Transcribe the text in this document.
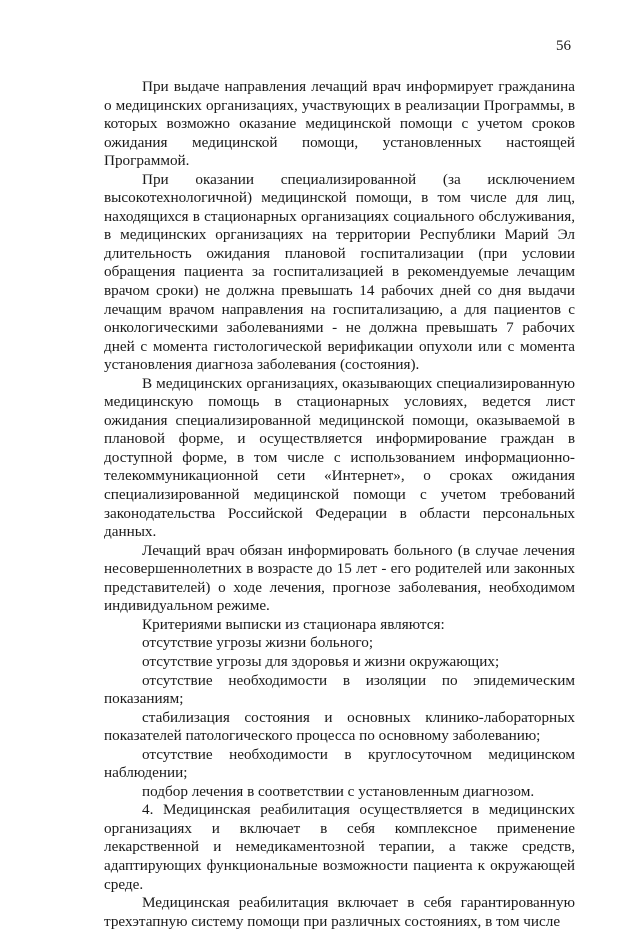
56

При выдаче направления лечащий врач информирует гражданина о медицинских организациях, участвующих в реализации Программы, в которых возможно оказание медицинской помощи с учетом сроков ожидания медицинской помощи, установленных настоящей Программой.

При оказании специализированной (за исключением высокотехнологичной) медицинской помощи, в том числе для лиц, находящихся в стационарных организациях социального обслуживания, в медицинских организациях на территории Республики Марий Эл длительность ожидания плановой госпитализации (при условии обращения пациента за госпитализацией в рекомендуемые лечащим врачом сроки) не должна превышать 14 рабочих дней со дня выдачи лечащим врачом направления на госпитализацию, а для пациентов с онкологическими заболеваниями - не должна превышать 7 рабочих дней с момента гистологической верификации опухоли или с момента установления диагноза заболевания (состояния).

В медицинских организациях, оказывающих специализированную медицинскую помощь в стационарных условиях, ведется лист ожидания специализированной медицинской помощи, оказываемой в плановой форме, и осуществляется информирование граждан в доступной форме, в том числе с использованием информационно-телекоммуникационной сети «Интернет», о сроках ожидания специализированной медицинской помощи с учетом требований законодательства Российской Федерации в области персональных данных.

Лечащий врач обязан информировать больного (в случае лечения несовершеннолетних в возрасте до 15 лет - его родителей или законных представителей) о ходе лечения, прогнозе заболевания, необходимом индивидуальном режиме.

Критериями выписки из стационара являются:

отсутствие угрозы жизни больного;

отсутствие угрозы для здоровья и жизни окружающих;

отсутствие необходимости в изоляции по эпидемическим показаниям;

стабилизация состояния и основных клинико-лабораторных показателей патологического процесса по основному заболеванию;

отсутствие необходимости в круглосуточном медицинском наблюдении;

подбор лечения в соответствии с установленным диагнозом.

4. Медицинская реабилитация осуществляется в медицинских организациях и включает в себя комплексное применение лекарственной и немедикаментозной терапии, а также средств, адаптирующих функциональные возможности пациента к окружающей среде.

Медицинская реабилитация включает в себя гарантированную трехэтапную систему помощи при различных состояниях, в том числе
